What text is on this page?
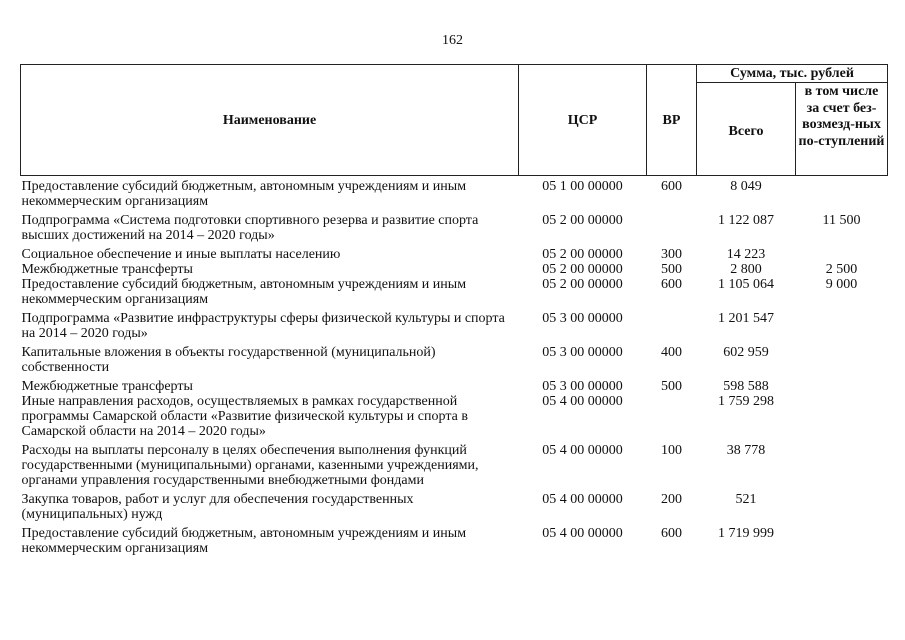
162
Наименование	ЦСР	ВР	Сумма, тыс. рублей	
			Всего	в том числе за счет без-возмезд-ных по-ступлений
Предоставление субсидий бюджетным, автономным учреждениям и иным некоммерческим организациям	05 1 00 00000	600	8 049	
Подпрограмма «Система подготовки спортивного резерва и развитие спорта высших достижений на 2014 – 2020 годы»	05 2 00 00000		1 122 087	11 500
Социальное обеспечение и иные выплаты населению	05 2 00 00000	300	14 223	
Межбюджетные трансферты	05 2 00 00000	500	2 800	2 500
Предоставление субсидий бюджетным, автономным учреждениям и иным некоммерческим организациям	05 2 00 00000	600	1 105 064	9 000
Подпрограмма «Развитие инфраструктуры сферы физической культуры и спорта на 2014 – 2020 годы»	05 3 00 00000		1 201 547	
Капитальные вложения в объекты государственной (муниципальной) собственности	05 3 00 00000	400	602 959	
Межбюджетные трансферты	05 3 00 00000	500	598 588	
Иные направления расходов, осуществляемых в рамках государственной программы Самарской области «Развитие физической культуры и спорта в Самарской области на 2014 – 2020 годы»	05 4 00 00000		1 759 298	
Расходы на выплаты персоналу в целях обеспечения выполнения функций государственными (муниципальными) органами, казенными учреждениями, органами управления государственными внебюджетными фондами	05 4 00 00000	100	38 778	
Закупка товаров, работ и услуг для обеспечения государственных (муниципальных) нужд	05 4 00 00000	200	521	
Предоставление субсидий бюджетным, автономным учреждениям и иным некоммерческим организациям	05 4 00 00000	600	1 719 999	
